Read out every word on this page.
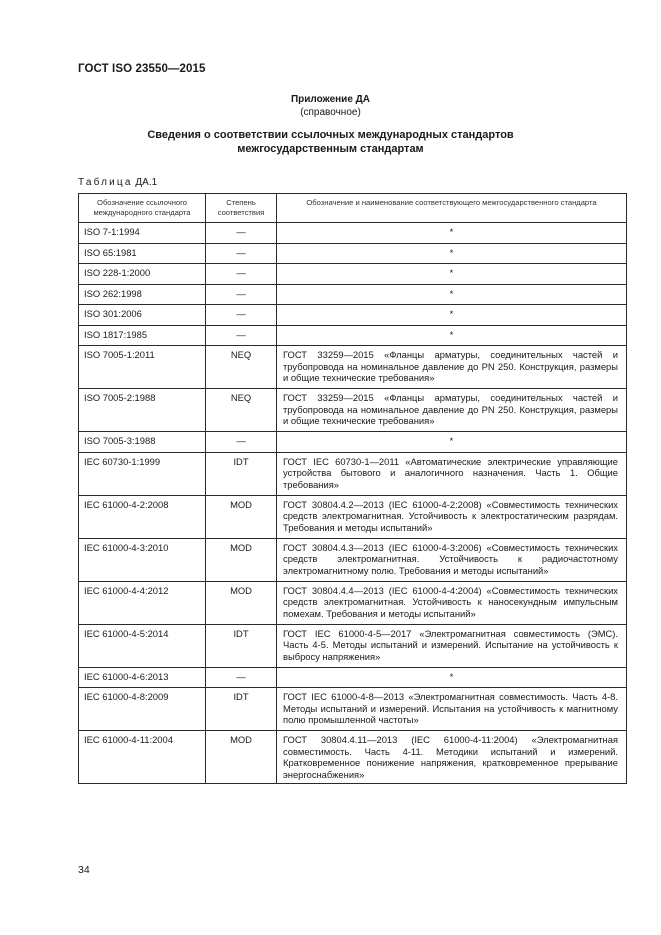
ГОСТ ISO 23550—2015
Приложение ДА
(справочное)
Сведения о соответствии ссылочных международных стандартов
межгосударственным стандартам
Таблица ДА.1
Обозначение ссылочного международного стандарта	Степень соответствия	Обозначение и наименование соответствующего межгосударственного стандарта
ISO 7-1:1994	—	*
ISO 65:1981	—	*
ISO 228-1:2000	—	*
ISO 262:1998	—	*
ISO 301:2006	—	*
ISO 1817:1985	—	*
ISO 7005-1:2011	NEQ	ГОСТ 33259—2015 «Фланцы арматуры, соединительных частей и трубопровода на номинальное давление до PN 250. Конструкция, размеры и общие технические требования»
ISO 7005-2:1988	NEQ	ГОСТ 33259—2015 «Фланцы арматуры, соединительных частей и трубопровода на номинальное давление до PN 250. Конструкция, размеры и общие технические требования»
ISO 7005-3:1988	—	*
IEC 60730-1:1999	IDT	ГОСТ IEC 60730-1—2011 «Автоматические электрические управляющие устройства бытового и аналогичного назначения. Часть 1. Общие требования»
IEC 61000-4-2:2008	MOD	ГОСТ 30804.4.2—2013 (IEC 61000-4-2:2008) «Совместимость технических средств электромагнитная. Устойчивость к электростатическим разрядам. Требования и методы испытаний»
IEC 61000-4-3:2010	MOD	ГОСТ 30804.4.3—2013 (IEC 61000-4-3:2006) «Совместимость технических средств электромагнитная. Устойчивость к радиочастотному электромагнитному полю. Требования и методы испытаний»
IEC 61000-4-4:2012	MOD	ГОСТ 30804.4.4—2013 (IEC 61000-4-4:2004) «Совместимость технических средств электромагнитная. Устойчивость к наносекундным импульсным помехам. Требования и методы испытаний»
IEC 61000-4-5:2014	IDT	ГОСТ IEC 61000-4-5—2017 «Электромагнитная совместимость (ЭМС). Часть 4-5. Методы испытаний и измерений. Испытание на устойчивость к выбросу напряжения»
IEC 61000-4-6:2013	—	*
IEC 61000-4-8:2009	IDT	ГОСТ IEC 61000-4-8—2013 «Электромагнитная совместимость. Часть 4-8. Методы испытаний и измерений. Испытания на устойчивость к магнитному полю промышленной частоты»
IEC 61000-4-11:2004	MOD	ГОСТ 30804.4.11—2013 (IEC 61000-4-11:2004) «Электромагнитная совместимость. Часть 4-11. Методики испытаний и измерений. Кратковременное понижение напряжения, кратковременное прерывание энергоснабжения»
34
